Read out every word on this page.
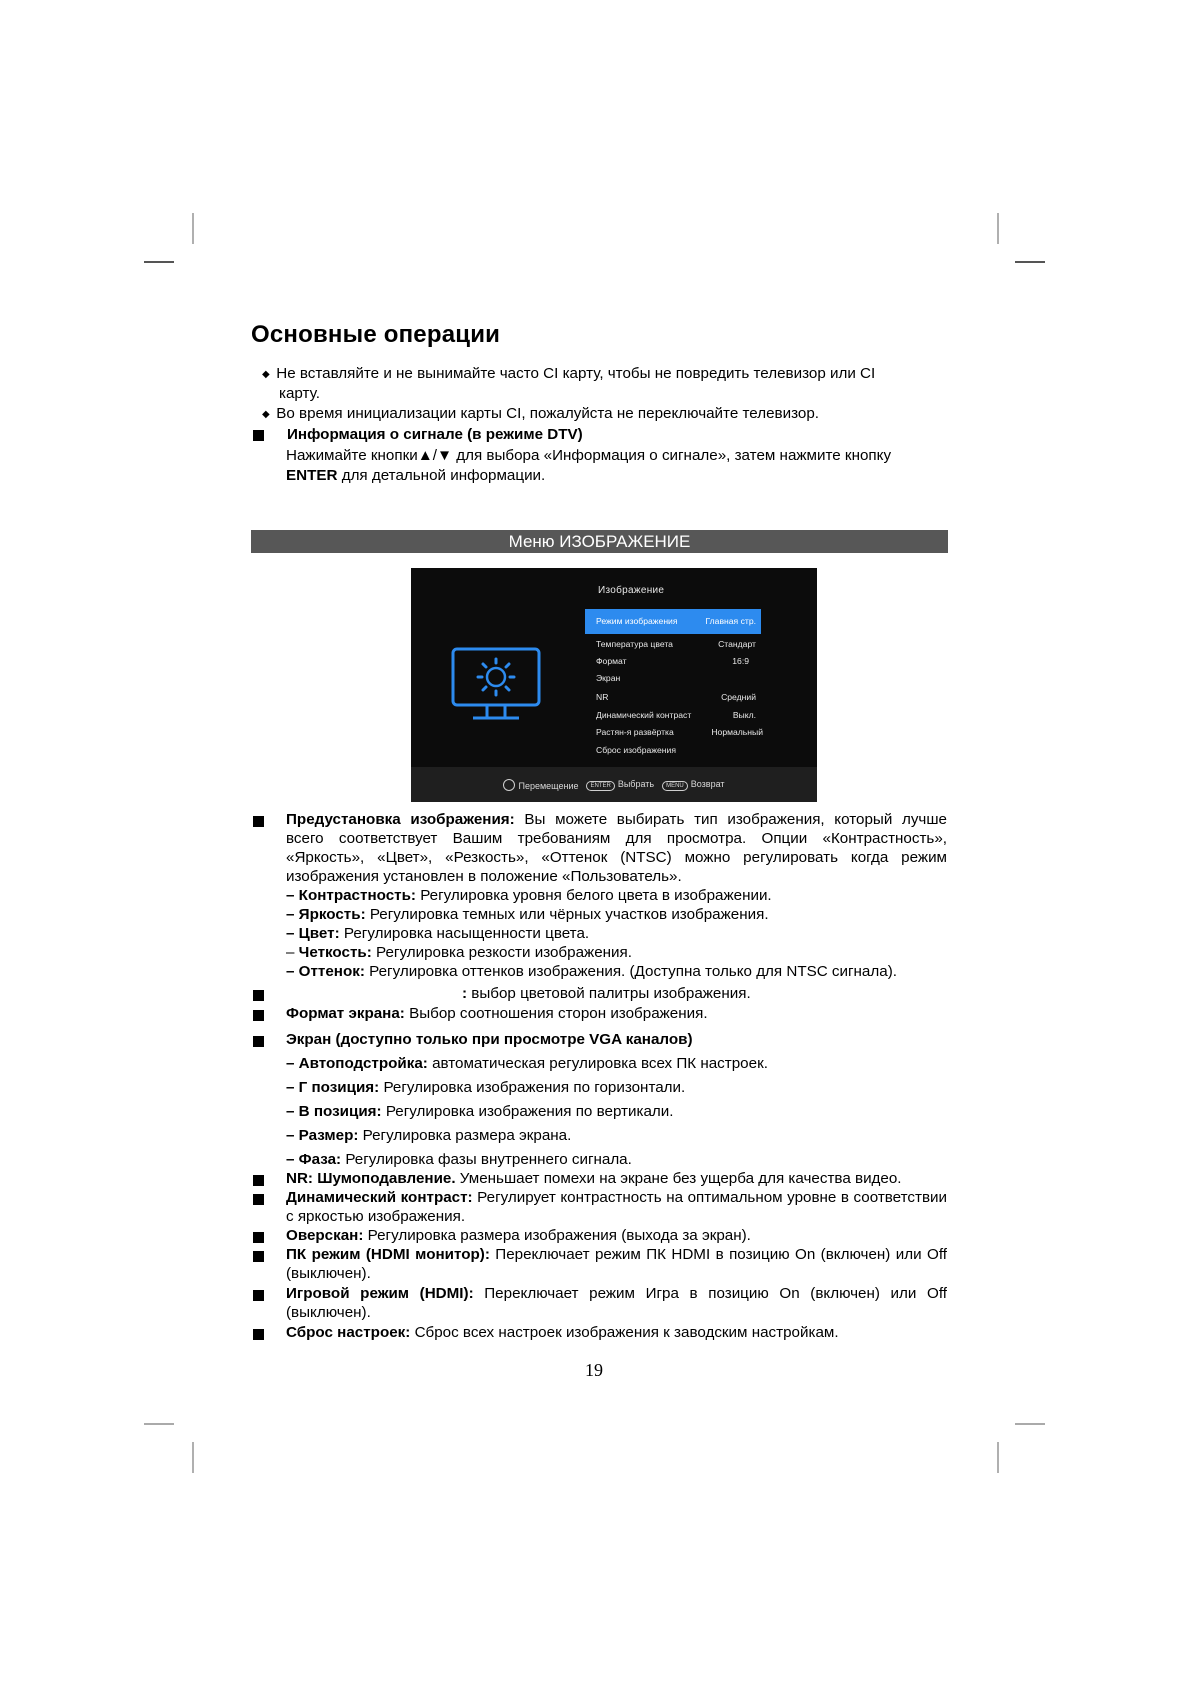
Основные операции
◆ Не вставляйте и не вынимайте часто CI карту, чтобы не повредить телевизор или CI
карту.
◆ Во время инициализации карты CI, пожалуйста не переключайте телевизор.
Информация о сигнале (в режиме DTV)
Нажимайте кнопки▲/▼ для выбора «Информация о сигнале», затем нажмите кнопку
ENTER для детальной информации.
Меню ИЗОБРАЖЕНИЕ
Изображение
Режим изображения	Главная стр.
Температура цвета	Стандарт
Формат	16:9
Экран
NR	Средний
Динамический контраст	Выкл.
Растян-я развёртка	Нормальный
Сброс изображения
Перемещение	ENTER Выбрать	MENU Возврат
Предустановка изображения: Вы можете выбирать тип изображения, который лучше
всего соответствует Вашим требованиям для просмотра. Опции «Контрастность», «Яркость», «Цвет», «Резкость», «Оттенок (NTSC) можно регулировать когда режим изображения установлен в положение «Пользователь».
– Контрастность: Регулировка уровня белого цвета в изображении.
– Яркость: Регулировка темных или чёрных участков изображения.
– Цвет: Регулировка насыщенности цвета.
– Четкость: Регулировка резкости изображения.
– Оттенок: Регулировка оттенков изображения. (Доступна только для NTSC сигнала).
: выбор цветовой палитры изображения.
Формат экрана: Выбор соотношения сторон изображения.
Экран (доступно только при просмотре VGA каналов)
– Автоподстройка: автоматическая регулировка всех ПК настроек.
– Г позиция: Регулировка изображения по горизонтали.
– В позиция: Регулировка изображения по вертикали.
– Размер: Регулировка размера экрана.
– Фаза: Регулировка фазы внутреннего сигнала.
NR: Шумоподавление. Уменьшает помехи на экране без ущерба для качества видео.
Динамический контраст: Регулирует контрастность на оптимальном уровне в соответствии с яркостью изображения.
Оверскан: Регулировка размера изображения (выхода за экран).
ПК режим (HDMI монитор): Переключает режим ПК HDMI в позицию On (включен) или Off (выключен).
Игровой режим (HDMI): Переключает режим Игра в позицию On (включен) или Off (выключен).
Сброс настроек: Сброс всех настроек изображения к заводским настройкам.
19
